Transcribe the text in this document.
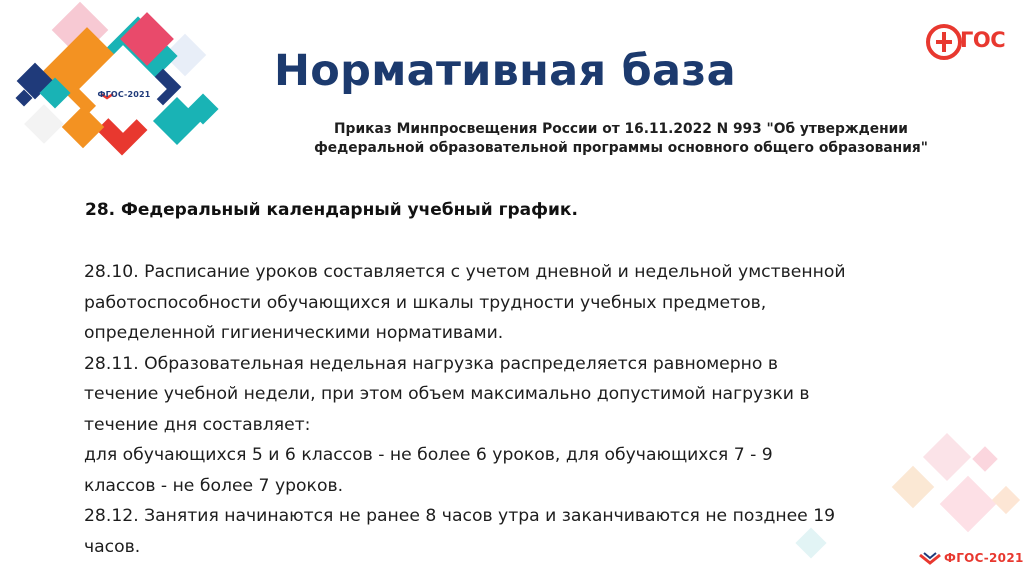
ФГОС-2021
ГОС
Нормативная база
Приказ Минпросвещения России от 16.11.2022 N 993 "Об утверждении
федеральной образовательной программы основного общего образования"
28. Федеральный календарный учебный график.

28.10. Расписание уроков составляется с учетом дневной и недельной умственной

работоспособности обучающихся и шкалы трудности учебных предметов,

определенной гигиеническими нормативами.

28.11. Образовательная недельная нагрузка распределяется равномерно в

течение учебной недели, при этом объем максимально допустимой нагрузки в

течение дня составляет:

для обучающихся 5 и 6 классов - не более 6 уроков, для обучающихся 7 - 9

классов - не более 7 уроков.

28.12. Занятия начинаются не ранее 8 часов утра и заканчиваются не позднее 19

часов.

ФГОС-2021
